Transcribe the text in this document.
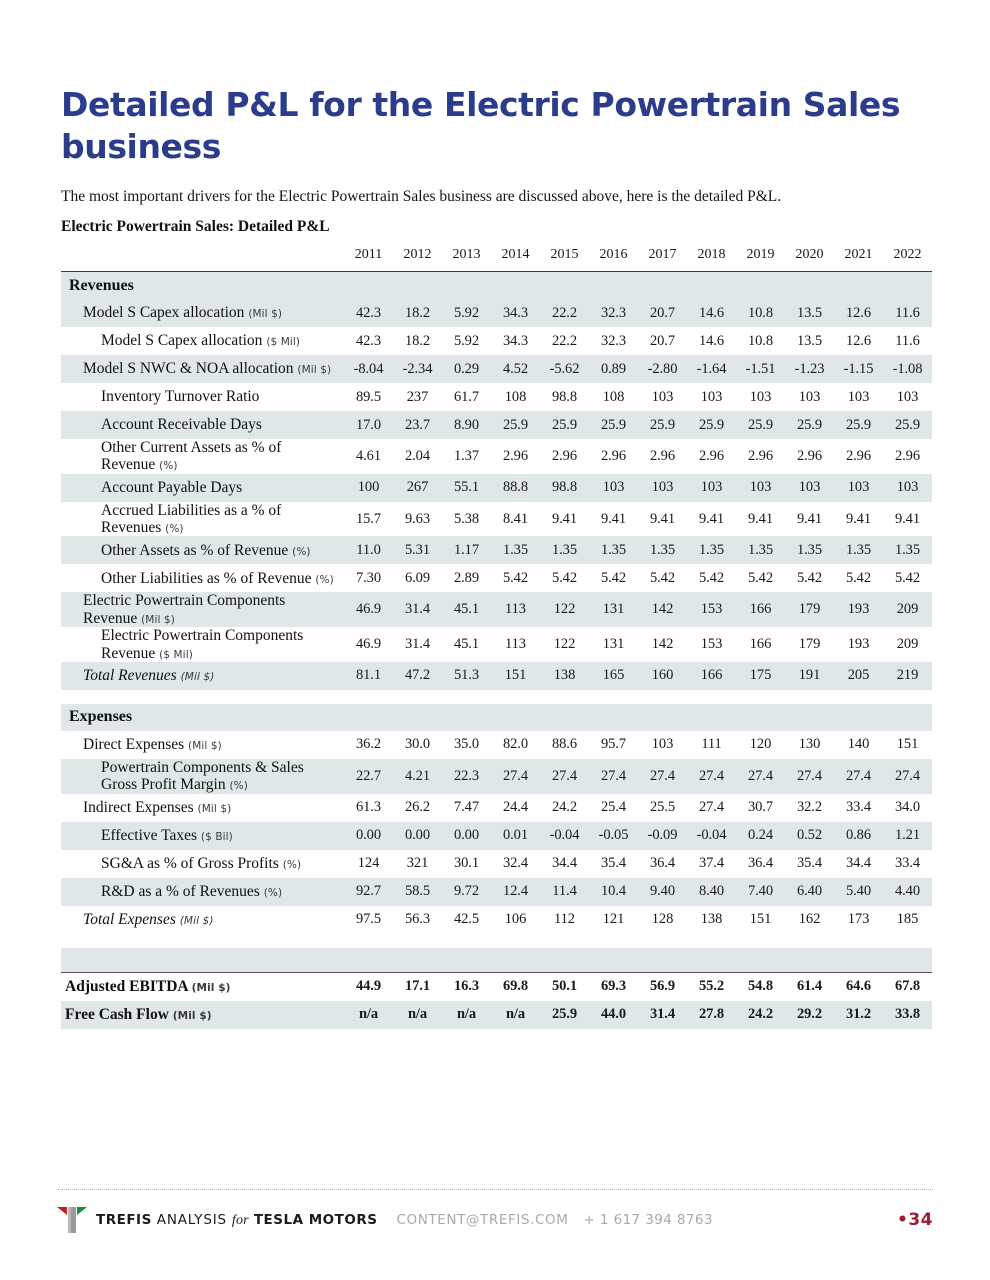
Detailed P&L for the Electric Powertrain Sales business

The most important drivers for the Electric Powertrain Sales business are discussed above, here is the detailed P&L.

Electric Powertrain Sales: Detailed P&L
	2011	2012	2013	2014	2015	2016	2017	2018	2019	2020	2021	2022
Revenues												

Model S Capex allocation (Mil $)	42.3	18.2	5.92	34.3	22.2	32.3	20.7	14.6	10.8	13.5	12.6	11.6

Model S Capex allocation ($ Mil)	42.3	18.2	5.92	34.3	22.2	32.3	20.7	14.6	10.8	13.5	12.6	11.6

Model S NWC & NOA allocation (Mil $)	-8.04	-2.34	0.29	4.52	-5.62	0.89	-2.80	-1.64	-1.51	-1.23	-1.15	-1.08

Inventory Turnover Ratio	89.5	237	61.7	108	98.8	108	103	103	103	103	103	103

Account Receivable Days	17.0	23.7	8.90	25.9	25.9	25.9	25.9	25.9	25.9	25.9	25.9	25.9

Other Current Assets as % of Revenue (%)	4.61	2.04	1.37	2.96	2.96	2.96	2.96	2.96	2.96	2.96	2.96	2.96

Account Payable Days	100	267	55.1	88.8	98.8	103	103	103	103	103	103	103

Accrued Liabilities as a % of Revenues (%)	15.7	9.63	5.38	8.41	9.41	9.41	9.41	9.41	9.41	9.41	9.41	9.41

Other Assets as % of Revenue (%)	11.0	5.31	1.17	1.35	1.35	1.35	1.35	1.35	1.35	1.35	1.35	1.35

Other Liabilities as % of Revenue (%)	7.30	6.09	2.89	5.42	5.42	5.42	5.42	5.42	5.42	5.42	5.42	5.42

Electric Powertrain Components Revenue (Mil $)	46.9	31.4	45.1	113	122	131	142	153	166	179	193	209

Electric Powertrain Components Revenue ($ Mil)	46.9	31.4	45.1	113	122	131	142	153	166	179	193	209

Total Revenues (Mil $)	81.1	47.2	51.3	151	138	165	160	166	175	191	205	219

Expenses												

Direct Expenses (Mil $)	36.2	30.0	35.0	82.0	88.6	95.7	103	111	120	130	140	151

Powertrain Components & Sales Gross Profit Margin (%)	22.7	4.21	22.3	27.4	27.4	27.4	27.4	27.4	27.4	27.4	27.4	27.4

Indirect Expenses (Mil $)	61.3	26.2	7.47	24.4	24.2	25.4	25.5	27.4	30.7	32.2	33.4	34.0

Effective Taxes ($ Bil)	0.00	0.00	0.00	0.01	-0.04	-0.05	-0.09	-0.04	0.24	0.52	0.86	1.21

SG&A as % of Gross Profits (%)	124	321	30.1	32.4	34.4	35.4	36.4	37.4	36.4	35.4	34.4	33.4

R&D as a % of Revenues (%)	92.7	58.5	9.72	12.4	11.4	10.4	9.40	8.40	7.40	6.40	5.40	4.40

Total Expenses (Mil $)	97.5	56.3	42.5	106	112	121	128	138	151	162	173	185

Adjusted EBITDA (Mil $)	44.9	17.1	16.3	69.8	50.1	69.3	56.9	55.2	54.8	61.4	64.6	67.8
Free Cash Flow (Mil $)	n/a	n/a	n/a	n/a	25.9	44.0	31.4	27.8	24.2	29.2	31.2	33.8
TREFIS ANALYSIS for TESLA MOTORS CONTENT@TREFIS.COM + 1 617 394 8763	•34
